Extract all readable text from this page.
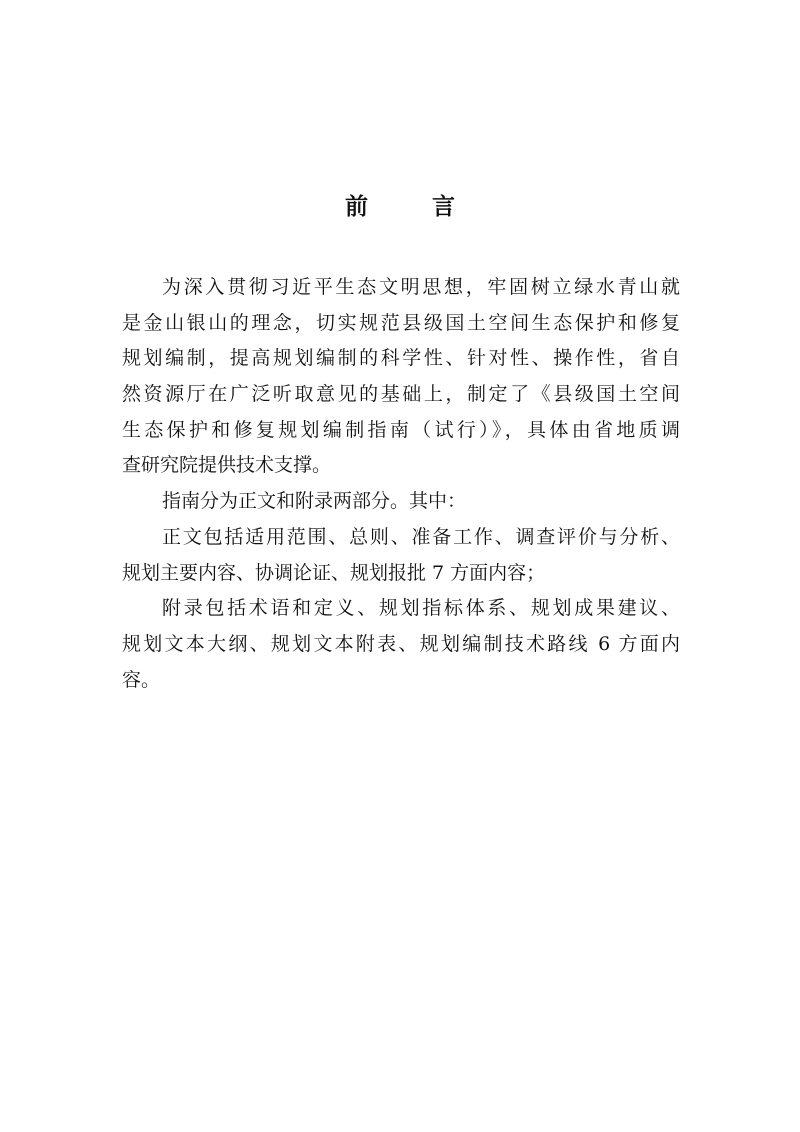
前 言
为深入贯彻习近平生态文明思想，牢固树立绿水青山就
是金山银山的理念，切实规范县级国土空间生态保护和修复
规划编制，提高规划编制的科学性、针对性、操作性，省自
然资源厅在广泛听取意见的基础上，制定了《县级国土空间
生态保护和修复规划编制指南（试行）》，具体由省地质调
查研究院提供技术支撑。
指南分为正文和附录两部分。其中：
正文包括适用范围、总则、准备工作、调查评价与分析、
规划主要内容、协调论证、规划报批 7 方面内容；
附录包括术语和定义、规划指标体系、规划成果建议、
规划文本大纲、规划文本附表、规划编制技术路线 6 方面内
容。
